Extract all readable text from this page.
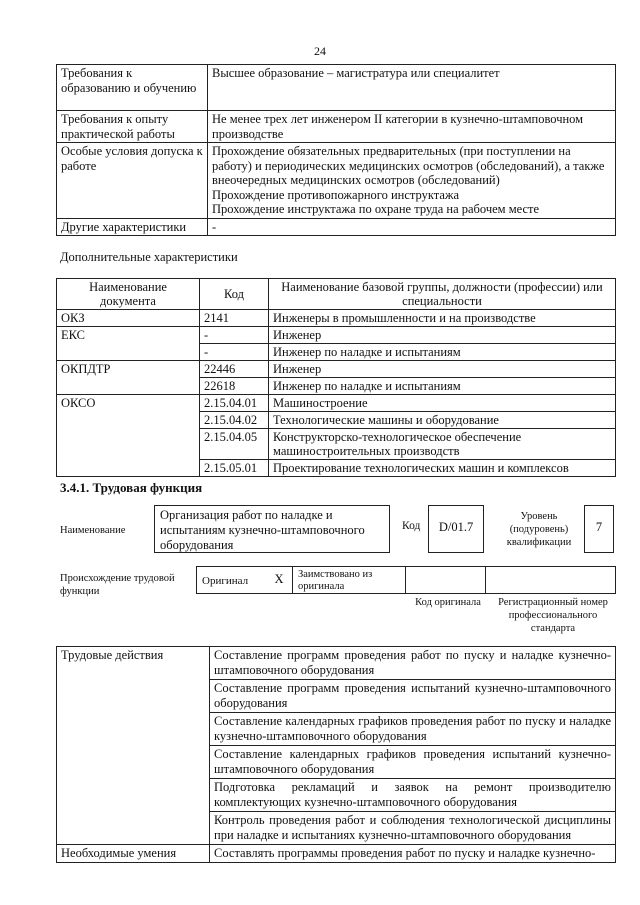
24
Требования к образованию и обучению	Высшее образование – магистратура или специалитет
Требования к опыту практической работы	Не менее трех лет инженером II категории в кузнечно-штамповочном производстве
Особые условия допуска к работе	Прохождение обязательных предварительных (при поступлении на работу) и периодических медицинских осмотров (обследований), а также внеочередных медицинских осмотров (обследований)
Прохождение противопожарного инструктажа
Прохождение инструктажа по охране труда на рабочем месте

Другие характеристики	-
Дополнительные характеристики
Наименование документа	Код	Наименование базовой группы, должности (профессии) или специальности
ОКЗ	2141	Инженеры в промышленности и на производстве
ЕКС	-	Инженер
	-	Инженер по наладке и испытаниям
ОКПДТР	22446	Инженер
	22618	Инженер по наладке и испытаниям
ОКСО	2.15.04.01	Машиностроение
	2.15.04.02	Технологические машины и оборудование
	2.15.04.05	Конструкторско-технологическое обеспечение машиностроительных производств
	2.15.05.01	Проектирование технологических машин и комплексов
3.4.1. Трудовая функция
Наименование
Организация работ по наладке и испытаниям кузнечно-штамповочного оборудования
Код	D/01.7
Уровень (подуровень) квалификации
7
Происхождение трудовой функции
Оригинал	X	Заимствовано из оригинала
Код оригинала	Регистрационный номер профессионального стандарта
Трудовые действия	Составление программ проведения работ по пуску и наладке кузнечно-штамповочного оборудования
	Составление программ проведения испытаний кузнечно-штамповочного оборудования
	Составление календарных графиков проведения работ по пуску и наладке кузнечно-штамповочного оборудования
	Составление календарных графиков проведения испытаний кузнечно-штамповочного оборудования
	Подготовка рекламаций и заявок на ремонт производителю комплектующих кузнечно-штамповочного оборудования
	Контроль проведения работ и соблюдения технологической дисциплины при наладке и испытаниях кузнечно-штамповочного оборудования
Необходимые умения	Составлять программы проведения работ по пуску и наладке кузнечно-
